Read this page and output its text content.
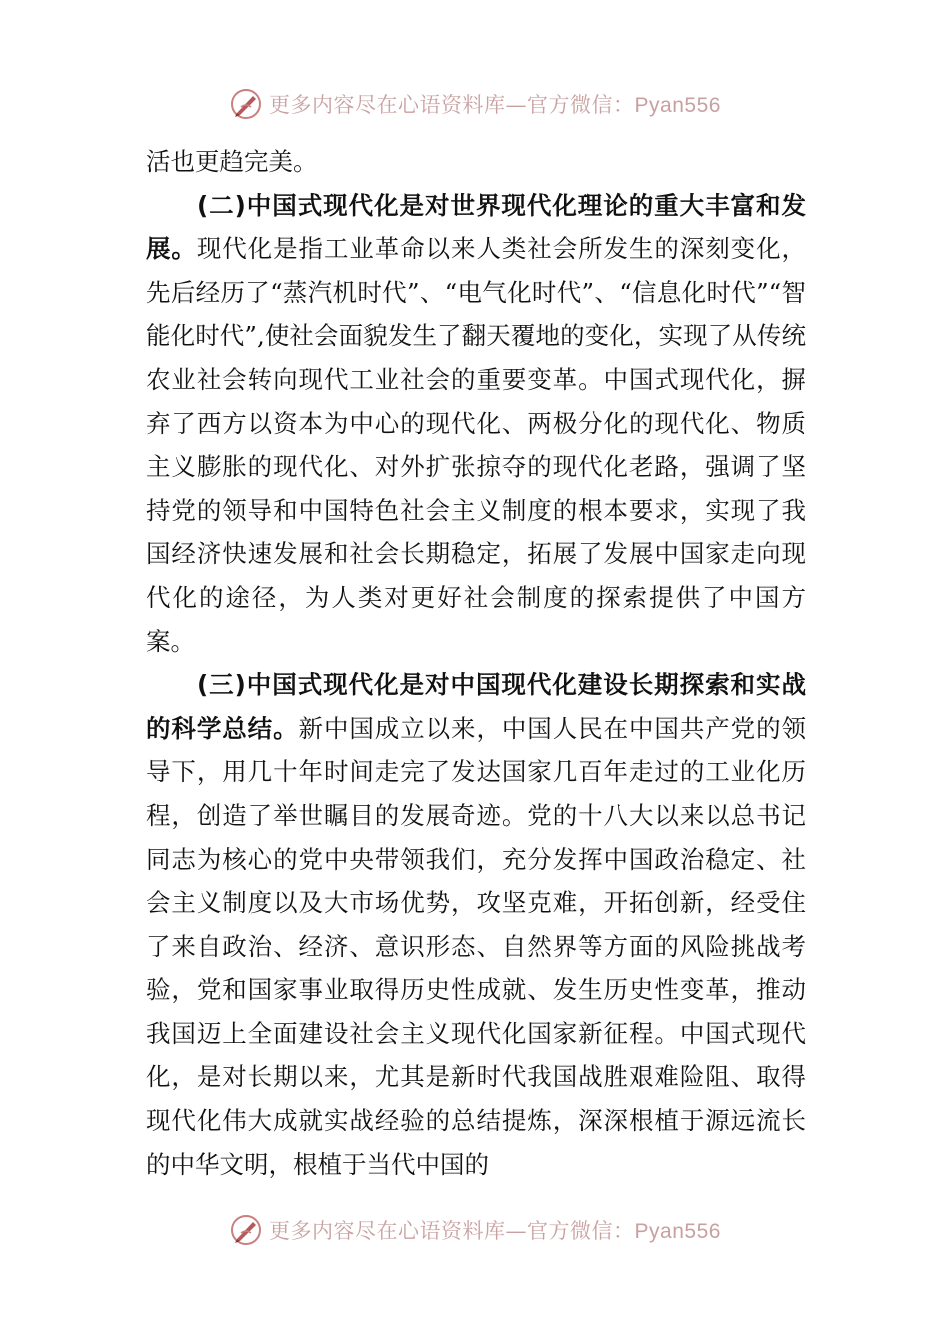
更多内容尽在心语资料库—官方微信：Pyan556

活也更趋完美。

(二)中国式现代化是对世界现代化理论的重大丰富和发展。现代化是指工业革命以来人类社会所发生的深刻变化，先后经历了“蒸汽机时代”、“电气化时代”、“信息化时代”“智能化时代”,使社会面貌发生了翻天覆地的变化，实现了从传统农业社会转向现代工业社会的重要变革。中国式现代化，摒弃了西方以资本为中心的现代化、两极分化的现代化、物质主义膨胀的现代化、对外扩张掠夺的现代化老路，强调了坚持党的领导和中国特色社会主义制度的根本要求，实现了我国经济快速发展和社会长期稳定，拓展了发展中国家走向现代化的途径，为人类对更好社会制度的探索提供了中国方案。

(三)中国式现代化是对中国现代化建设长期探索和实战的科学总结。新中国成立以来，中国人民在中国共产党的领导下，用几十年时间走完了发达国家几百年走过的工业化历程，创造了举世瞩目的发展奇迹。党的十八大以来以总书记同志为核心的党中央带领我们，充分发挥中国政治稳定、社会主义制度以及大市场优势，攻坚克难，开拓创新，经受住了来自政治、经济、意识形态、自然界等方面的风险挑战考验，党和国家事业取得历史性成就、发生历史性变革，推动我国迈上全面建设社会主义现代化国家新征程。中国式现代化，是对长期以来，尤其是新时代我国战胜艰难险阻、取得现代化伟大成就实战经验的总结提炼，深深根植于源远流长的中华文明，根植于当代中国的

更多内容尽在心语资料库—官方微信：Pyan556
